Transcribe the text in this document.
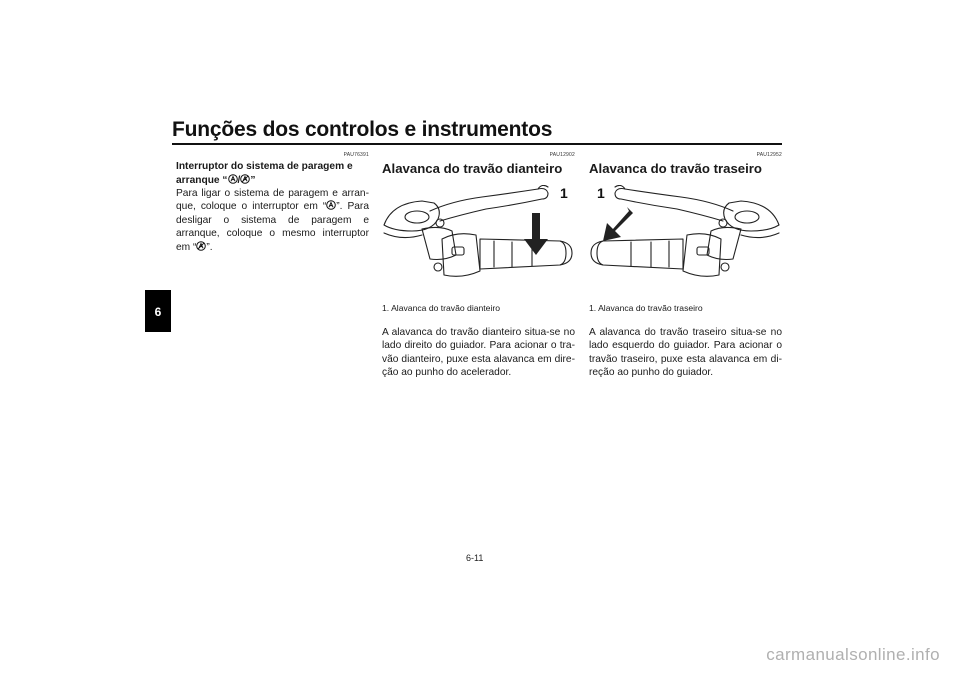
Funções dos controlos e instrumentos
6
PAU76391
Interruptor do sistema de paragem e
arranque “ / ”
Para ligar o sistema de paragem e arran- que, coloque o interruptor em “ ”. Para desligar o sistema de paragem e arranque, coloque o mesmo interruptor em “ ”.
PAU12902
Alavanca do travão dianteiro
1
1. Alavanca do travão dianteiro
A alavanca do travão dianteiro situa-se no lado direito do guiador. Para acionar o tra- vão dianteiro, puxe esta alavanca em dire- ção ao punho do acelerador.
PAU12952
Alavanca do travão traseiro
1
1. Alavanca do travão traseiro
A alavanca do travão traseiro situa-se no lado esquerdo do guiador. Para acionar o travão traseiro, puxe esta alavanca em di- reção ao punho do guiador.
6-11
carmanualsonline.info
